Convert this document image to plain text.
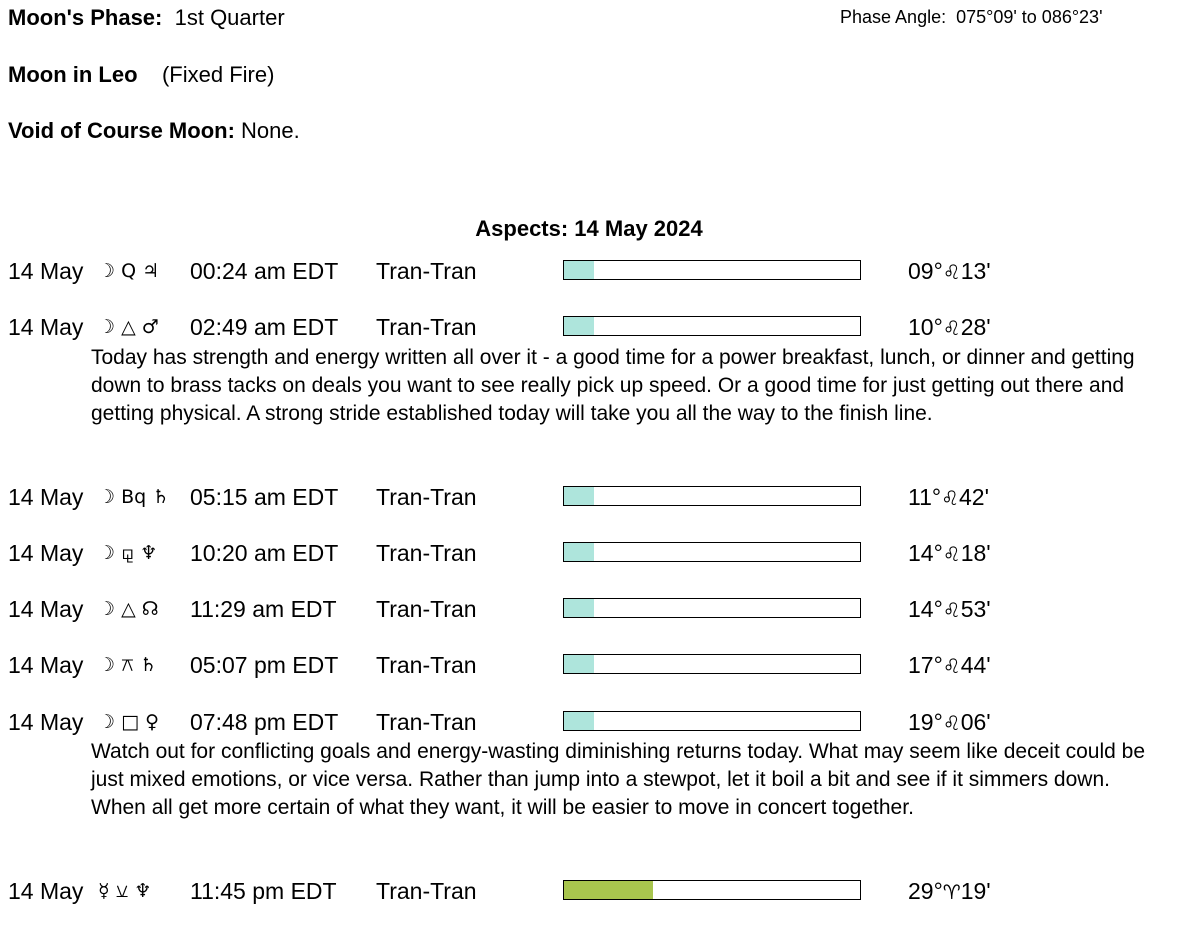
Moon's Phase: 1st Quarter	Phase Angle: 075°09' to 086°23'
Moon in Leo (Fixed Fire)
Void of Course Moon: None.
Aspects: 14 May 2024
14 May ☽ Q ♃ 00:24 am EDT Tran-Tran	09°♌13'
14 May ☽ △ ♂ 02:49 am EDT Tran-Tran	10°♌28'
Today has strength and energy written all over it - a good time for a power breakfast, lunch, or dinner and getting down to brass tacks on deals you want to see really pick up speed. Or a good time for just getting out there and getting physical. A strong stride established today will take you all the way to the finish line.
14 May ☽ Bq ♄ 05:15 am EDT Tran-Tran	11°♌42'
14 May ☽ ⚼ ♆ 10:20 am EDT Tran-Tran	14°♌18'
14 May ☽ △ ☊ 11:29 am EDT Tran-Tran	14°♌53'
14 May ☽ ⚻ ♄ 05:07 pm EDT Tran-Tran	17°♌44'
14 May ☽ □ ♀ 07:48 pm EDT Tran-Tran	19°♌06'
Watch out for conflicting goals and energy-wasting diminishing returns today. What may seem like deceit could be just mixed emotions, or vice versa. Rather than jump into a stewpot, let it boil a bit and see if it simmers down. When all get more certain of what they want, it will be easier to move in concert together.
14 May ☿ ⚺ ♆ 11:45 pm EDT Tran-Tran	29°♈19'
